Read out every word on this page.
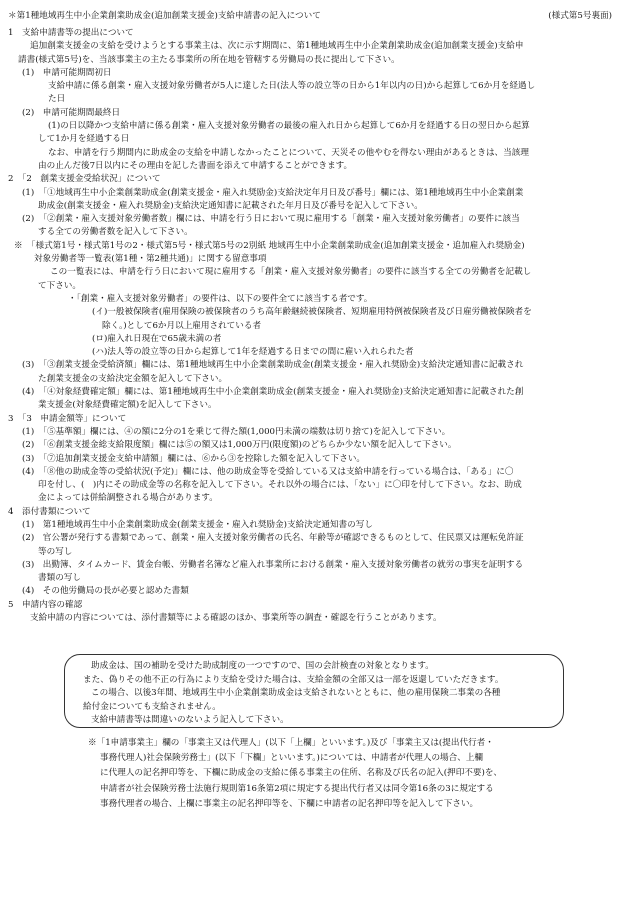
＊第1種地域再生中小企業創業助成金(追加創業支援金)支給申請書の記入について	(様式第5号裏面)
1　支給申請書等の提出について
追加創業支援金の支給を受けようとする事業主は、次に示す期間に、第1種地域再生中小企業創業助成金(追加創業支援金)支給申
請書(様式第5号)を、当該事業主の主たる事業所の所在地を管轄する労働局の長に提出して下さい。
(1)　申請可能期間初日
支給申請に係る創業・雇入支援対象労働者が5人に達した日(法人等の設立等の日から1年以内の日)から起算して6か月を経過し
た日
(2)　申請可能期間最終日
(1)の日以降かつ支給申請に係る創業・雇入支援対象労働者の最後の雇入れ日から起算して6か月を経過する日の翌日から起算
して1か月を経過する日
なお、申請を行う期間内に助成金の支給を申請しなかったことについて、天災その他やむを得ない理由があるときは、当該理
由の止んだ後7日以内にその理由を記した書面を添えて申請することができます。
2　「2　創業支援金受給状況」について
(1)　「①地域再生中小企業創業助成金(創業支援金・雇入れ奨励金)支給決定年月日及び番号」欄には、第1種地域再生中小企業創業
助成金(創業支援金・雇入れ奨励金)支給決定通知書に記載された年月日及び番号を記入して下さい。
(2)　「②創業・雇入支援対象労働者数」欄には、申請を行う日において現に雇用する「創業・雇入支援対象労働者」の要件に該当
する全ての労働者数を記入して下さい。
※　「様式第1号・様式第1号の2・様式第5号・様式第5号の2別紙 地域再生中小企業創業助成金(追加創業支援金・追加雇入れ奨励金)
対象労働者等一覧表(第1種・第2種共通)」に関する留意事項
この一覧表には、申請を行う日において現に雇用する「創業・雇入支援対象労働者」の要件に該当する全ての労働者を記載し
て下さい。
・「創業・雇入支援対象労働者」の要件は、以下の要件全てに該当する者です。
(イ)一般被保険者(雇用保険の被保険者のうち高年齢継続被保険者、短期雇用特例被保険者及び日雇労働被保険者を
除く。)として6か月以上雇用されている者
(ロ)雇入れ日現在で65歳未満の者
(ハ)法人等の設立等の日から起算して1年を経過する日までの間に雇い入れられた者
(3)　「③創業支援金受給済額」欄には、第1種地域再生中小企業創業助成金(創業支援金・雇入れ奨励金)支給決定通知書に記載され
た創業支援金の支給決定金額を記入して下さい。
(4)　「④対象経費確定額」欄には、第1種地域再生中小企業創業助成金(創業支援金・雇入れ奨励金)支給決定通知書に記載された創
業支援金(対象経費確定額)を記入して下さい。
3　「3　申請金額等」について
(1)　「⑤基準額」欄には、④の額に2分の1を乗じて得た額(1,000円未満の端数は切り捨て)を記入して下さい。
(2)　「⑥創業支援金総支給限度額」欄には⑤の額又は1,000万円(限度額)のどちらか少ない額を記入して下さい。
(3)　「⑦追加創業支援金支給申請額」欄には、⑥から③を控除した額を記入して下さい。
(4)　「⑧他の助成金等の受給状況(予定)」欄には、他の助成金等を受給している又は支給申請を行っている場合は、「ある」に〇
印を付し、(　)内にその助成金等の名称を記入して下さい。それ以外の場合には、「ない」に〇印を付して下さい。なお、助成
金によっては併給調整される場合があります。
4　添付書類について
(1)　第1種地域再生中小企業創業助成金(創業支援金・雇入れ奨励金)支給決定通知書の写し
(2)　官公署が発行する書類であって、創業・雇入支援対象労働者の氏名、年齢等が確認できるものとして、住民票又は運転免許証
等の写し
(3)　出勤簿、タイムカード、賃金台帳、労働者名簿など雇入れ事業所における創業・雇入支援対象労働者の就労の事実を証明する
書類の写し
(4)　その他労働局の長が必要と認めた書類
5　申請内容の確認
支給申請の内容については、添付書類等による確認のほか、事業所等の調査・確認を行うことがあります。
助成金は、国の補助を受けた助成制度の一つですので、国の会計検査の対象となります。
また、偽りその他不正の行為により支給を受けた場合は、支給金額の全部又は一部を返還していただきます。
この場合、以後3年間、地域再生中小企業創業助成金は支給されないとともに、他の雇用保険二事業の各種
給付金についても支給されません。
支給申請書等は間違いのないよう記入して下さい。
※「1申請事業主」欄の「事業主又は代理人」(以下「上欄」といいます。)及び「事業主又は(提出代行者・
事務代理人)社会保険労務士」(以下「下欄」といいます。)については、申請者が代理人の場合、上欄
に代理人の記名押印等を、下欄に助成金の支給に係る事業主の住所、名称及び氏名の記入(押印不要)を、
申請者が社会保険労務士法施行規則第16条第2項に規定する提出代行者又は同令第16条の3に規定する
事務代理者の場合、上欄に事業主の記名押印等を、下欄に申請者の記名押印等を記入して下さい。
